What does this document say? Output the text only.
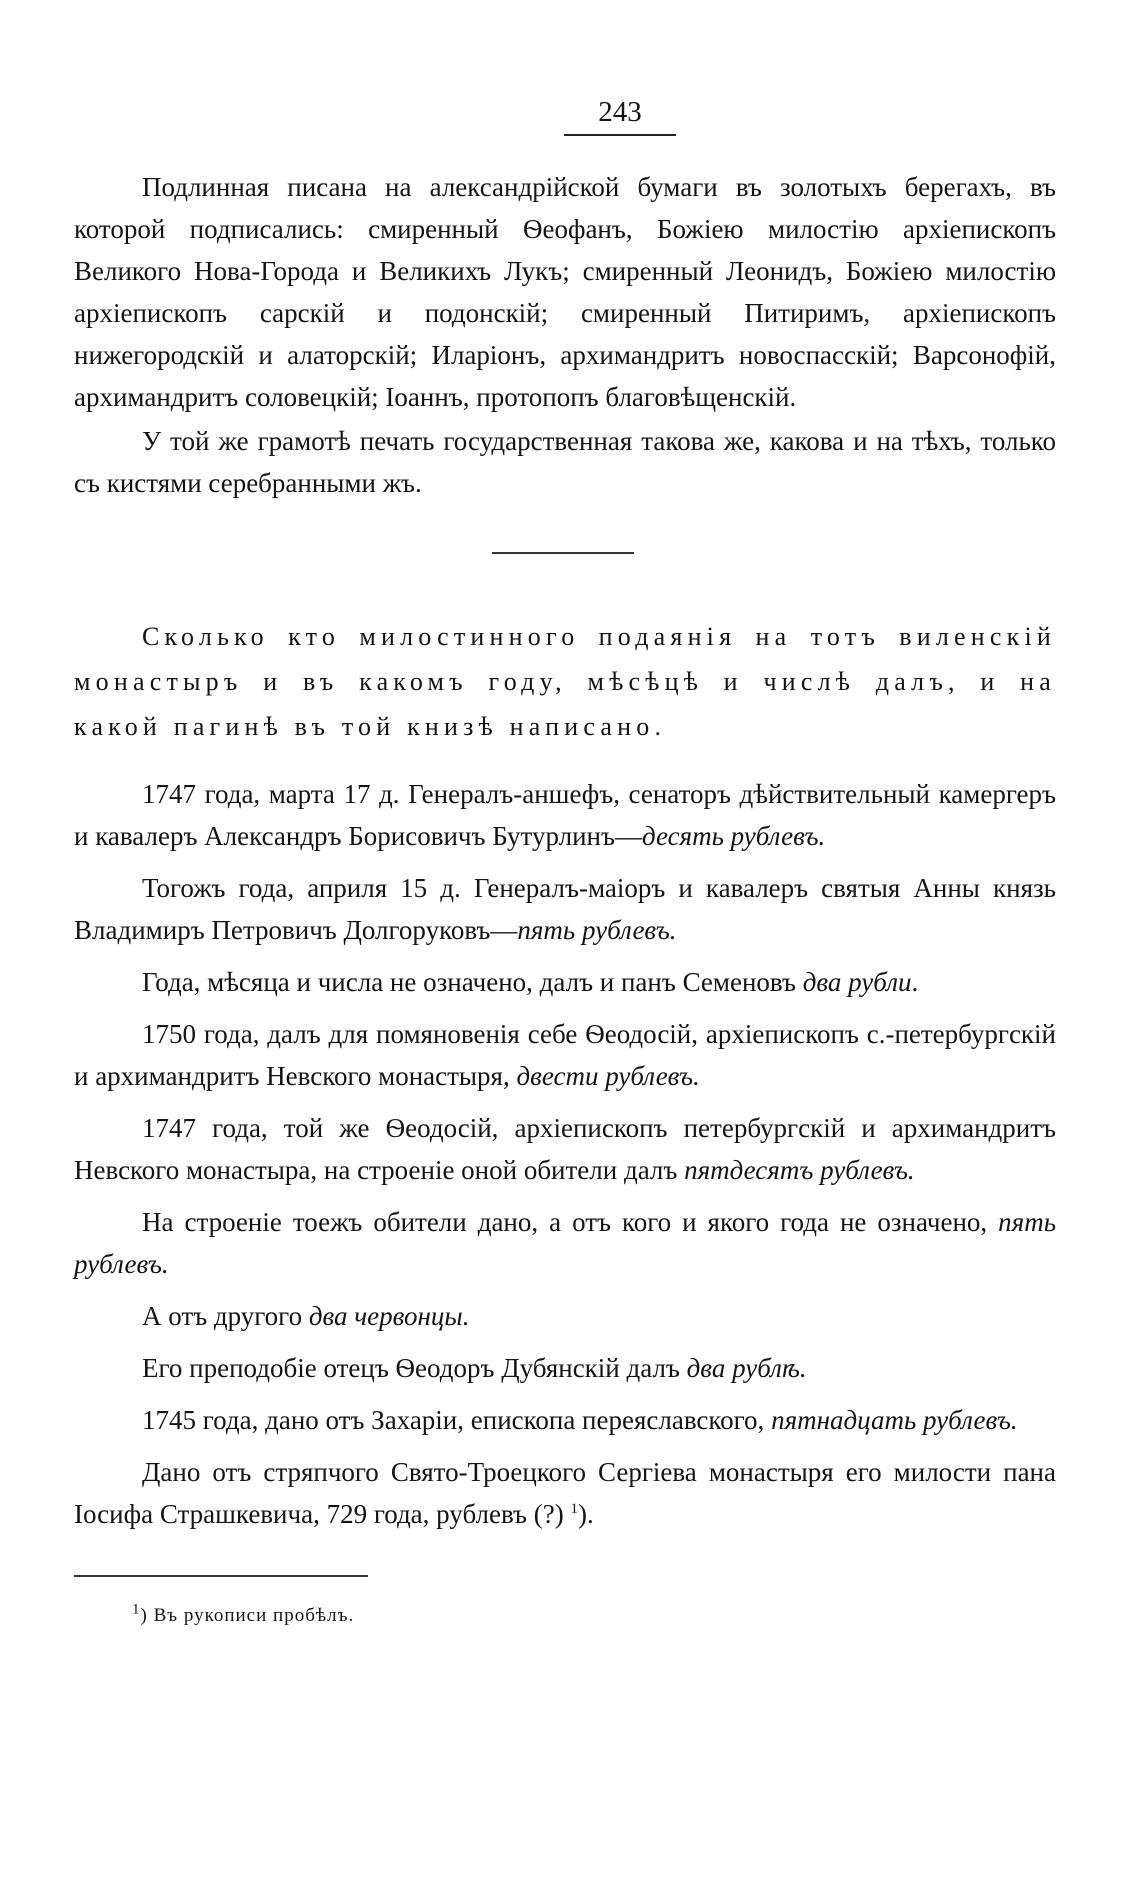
243

Подлинная писана на александрійской бумаги въ золотыхъ берегахъ, въ которой подписались: смиренный Ѳеофанъ, Божіею милостію архіепископъ Великого Нова-Города и Великихъ Лукъ; смиренный Леонидъ, Божіею милостію архіепископъ сарскій и подонскій; смиренный Питиримъ, архіепископъ нижегородскій и алаторскій; Иларіонъ, архимандритъ новоспасскій; Варсонофій, архимандритъ соловецкій; Іоаннъ, протопопъ благовѣщенскій.

У той же грамотѣ печать государственная такова же, какова и на тѣхъ, только съ кистями серебранными жъ.

Сколько кто милостинного подаянія на тотъ виленскій монастыръ и въ какомъ году, мѣсѣцѣ и числѣ далъ, и на какой пагинѣ въ той книзѣ написано.

1747 года, марта 17 д. Генералъ-аншефъ, сенаторъ дѣйствительный камергеръ и кавалеръ Александръ Борисовичъ Бутурлинъ—десять рублевъ.

Тогожъ года, априля 15 д. Генералъ-маіоръ и кавалеръ святыя Анны князь Владимиръ Петровичъ Долгоруковъ—пять рублевъ.

Года, мѣсяца и числа не означено, далъ и панъ Семеновъ два рубли.

1750 года, далъ для помяновенія себе Ѳеодосій, архіепископъ с.-петербургскій и архимандритъ Невского монастыря, двести рублевъ.

1747 года, той же Ѳеодосій, архіепископъ петербургскій и архимандритъ Невского монастыра, на строеніе оной обители далъ пятдесятъ рублевъ.

На строеніе тоежъ обители дано, а отъ кого и якого года не означено, пять рублевъ.

А отъ другого два червонцы.

Его преподобіе отецъ Ѳеодоръ Дубянскій далъ два рублѣ.

1745 года, дано отъ Захаріи, епископа переяславского, пятнадцать рублевъ.

Дано отъ стряпчого Свято-Троецкого Сергіева монастыря его милости пана Іосифа Страшкевича, 729 года, рублевъ (?) $^1$).

$^1$) Въ рукописи пробѣлъ.
